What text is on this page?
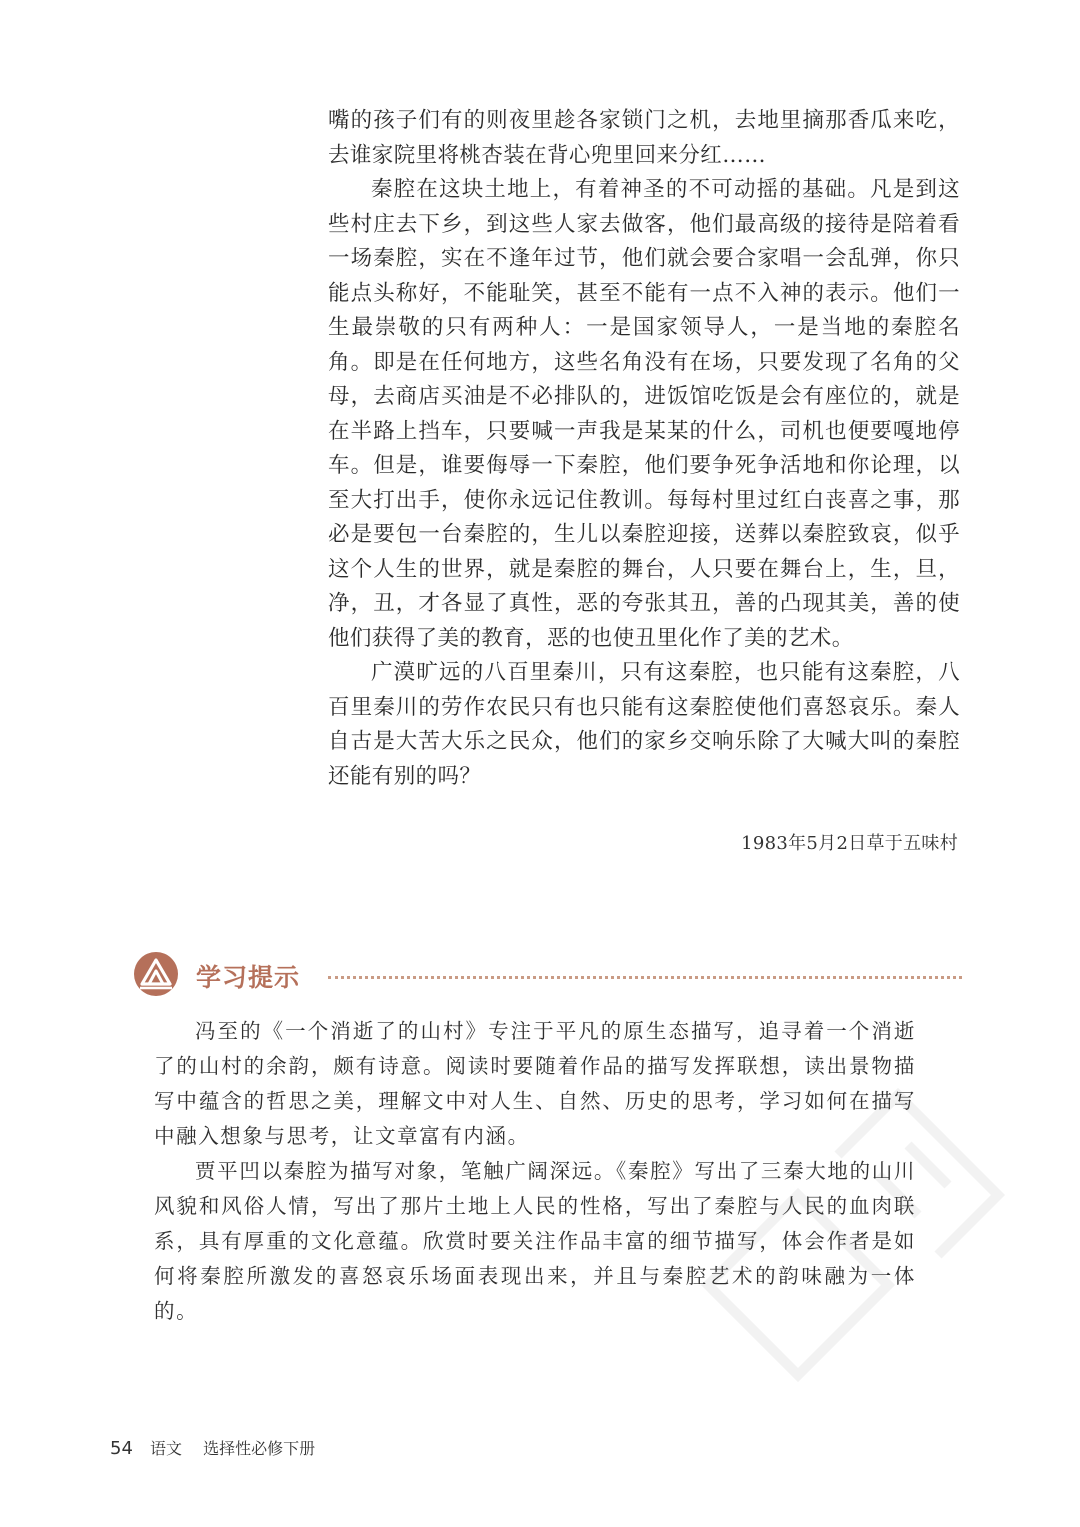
嘴的孩子们有的则夜里趁各家锁门之机，去地里摘那香瓜来吃，去谁家院里将桃杏装在背心兜里回来分红……

秦腔在这块土地上，有着神圣的不可动摇的基础。凡是到这些村庄去下乡，到这些人家去做客，他们最高级的接待是陪着看一场秦腔，实在不逢年过节，他们就会要合家唱一会乱弹，你只能点头称好，不能耻笑，甚至不能有一点不入神的表示。他们一生最崇敬的只有两种人：一是国家领导人，一是当地的秦腔名角。即是在任何地方，这些名角没有在场，只要发现了名角的父母，去商店买油是不必排队的，进饭馆吃饭是会有座位的，就是在半路上挡车，只要喊一声我是某某的什么，司机也便要嘎地停车。但是，谁要侮辱一下秦腔，他们要争死争活地和你论理，以至大打出手，使你永远记住教训。每每村里过红白丧喜之事，那必是要包一台秦腔的，生儿以秦腔迎接，送葬以秦腔致哀，似乎这个人生的世界，就是秦腔的舞台，人只要在舞台上，生，旦，净，丑，才各显了真性，恶的夸张其丑，善的凸现其美，善的使他们获得了美的教育，恶的也使丑里化作了美的艺术。

广漠旷远的八百里秦川，只有这秦腔，也只能有这秦腔，八百里秦川的劳作农民只有也只能有这秦腔使他们喜怒哀乐。秦人自古是大苦大乐之民众，他们的家乡交响乐除了大喊大叫的秦腔还能有别的吗？

1983年5月2日草于五味村
学习提示

冯至的《一个消逝了的山村》专注于平凡的原生态描写，追寻着一个消逝了的山村的余韵，颇有诗意。阅读时要随着作品的描写发挥联想，读出景物描写中蕴含的哲思之美，理解文中对人生、自然、历史的思考，学习如何在描写中融入想象与思考，让文章富有内涵。

贾平凹以秦腔为描写对象，笔触广阔深远。《秦腔》写出了三秦大地的山川风貌和风俗人情，写出了那片土地上人民的性格，写出了秦腔与人民的血肉联系，具有厚重的文化意蕴。欣赏时要关注作品丰富的细节描写，体会作者是如何将秦腔所激发的喜怒哀乐场面表现出来，并且与秦腔艺术的韵味融为一体的。

54 语文 选择性必修下册
